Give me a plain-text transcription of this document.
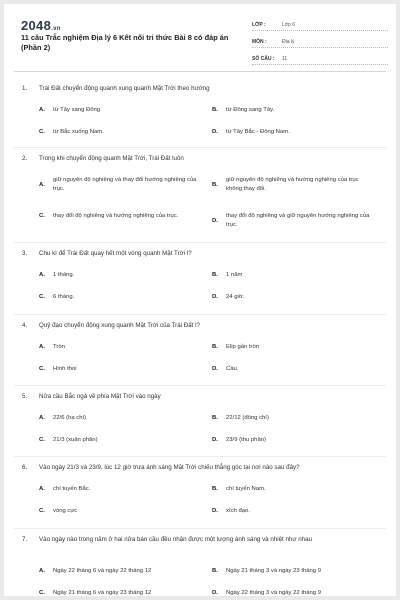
2048.vn
11 câu Trắc nghiệm Địa lý 6 Kết nối tri thức Bài 8 có đáp án (Phần 2)
LỚP :	Lớp 6
MÔN :	Địa lý
SỐ CÂU :	11
1. Trái Đất chuyển động quanh xung quanh Mặt Trời theo hướng
A.	từ Tây sang Đông	B.	từ Đông sang Tây.
C.	từ Bắc xuống Nam.	D.	từ Tây Bắc - Đông Nam.
2. Trong khi chuyển động quanh Mặt Trời, Trái Đất luôn
A.
giữ nguyên độ nghiêng và thay đổi hướng nghiêng của trục.
B.
giữ nguyên độ nghiêng và hướng nghiêng của trục không thay đổi.
C.	thay đổi độ nghiêng và hướng nghiêng của trục.
D.
thay đổi độ nghiêng và giữ nguyên hướng nghiêng của trục.
3. Chu kì để Trái Đất quay hết một vòng quanh Mặt Trời l?
A.	1 tháng.	B.	1 năm
C.	6 tháng.	D.	24 giờ.
4. Quỹ đạo chuyển động xung quanh Mặt Trời của Trái Đất l?
A.	Tròn	B.	Elip gần tròn
C.	Hình thoi	D.	Cầu.
5. Nửa cầu Bắc ngả về phía Mặt Trời vào ngày
A.	22/6 (hạ chí)	B.	22/12 (đông chí)
C.	21/3 (xuân phân)	D.	23/9 (thu phân)
6. Vào ngày 21/3 và 23/9, lúc 12 giờ trưa ánh sáng Mặt Trời chiếu thẳng góc tại nơi nào sau đây?
A.	chí tuyến Bắc.	B.	chí tuyến Nam.
C.	vòng cực	D.	xích đạo.
7. Vào ngày nào trong năm ở hai nửa bán cầu đều nhận được một lượng ánh sáng và nhiệt như nhau
A.	Ngày 22 tháng 6 và ngày 22 tháng 12	B.	Ngày 21 tháng 3 và ngày 23 tháng 9
C.	Ngày 21 tháng 6 và ngày 23 tháng 12	D.	Ngày 22 tháng 3 và ngày 22 tháng 9
